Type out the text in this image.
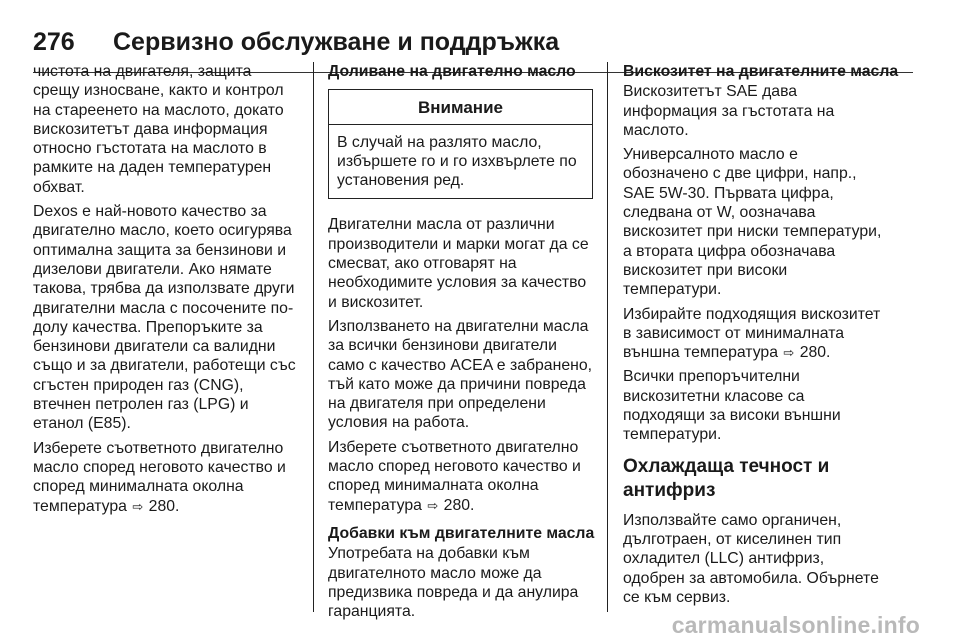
276 Сервизно обслужване и поддръжка

чистота на двигателя, защита
срещу износване, както и контрол
на стареенето на маслото, докато
вискозитетът дава информация
относно гъстотата на маслото в
рамките на даден температурен
обхват.

Dexos е най-новото качество за
двигателно масло, което осигурява
оптимална защита за бензинови и
дизелови двигатели. Ако нямате
такова, трябва да използвате други
двигателни масла с посочените по-
долу качества. Препоръките за
бензинови двигатели са валидни
също и за двигатели, работещи със
сгъстен природен газ (CNG),
втечнен петролен газ (LPG) и
етанол (E85).

Изберете съответното двигателно
масло според неговото качество и
според минималната околна
температура ⇨ 280.

Доливане на двигателно масло
Внимание
В случай на разлято масло,
избършете го и го изхвърлете по
установения ред.

Двигателни масла от различни
производители и марки могат да се
смесват, ако отговарят на
необходимите условия за качество
и вискозитет.

Използването на двигателни масла
за всички бензинови двигатели
само с качество ACEA е забранено,
тъй като може да причини повреда
на двигателя при определени
условия на работа.

Изберете съответното двигателно
масло според неговото качество и
според минималната околна
температура ⇨ 280.

Добавки към двигателните масла

Употребата на добавки към
двигателното масло може да
предизвика повреда и да анулира
гаранцията.

Вискозитет на двигателните масла

Вискозитетът SAE дава
информация за гъстотата на
маслото.

Универсалното масло е
обозначено с две цифри, напр.,
SAE 5W-30. Първата цифра,
следвана от W, оозначава
вискозитет при ниски температури,
а втората цифра обозначава
вискозитет при високи
температури.

Избирайте подходящия вискозитет
в зависимост от минималната
външна температура ⇨ 280.

Всички препоръчителни
вискозитетни класове са
подходящи за високи външни
температури.

Охлаждаща течност и антифриз

Използвайте само органичен,
дълготраен, от киселинен тип
охладител (LLC) антифриз,
одобрен за автомобила. Обърнете
се към сервиз.

carmanualsonline.info
